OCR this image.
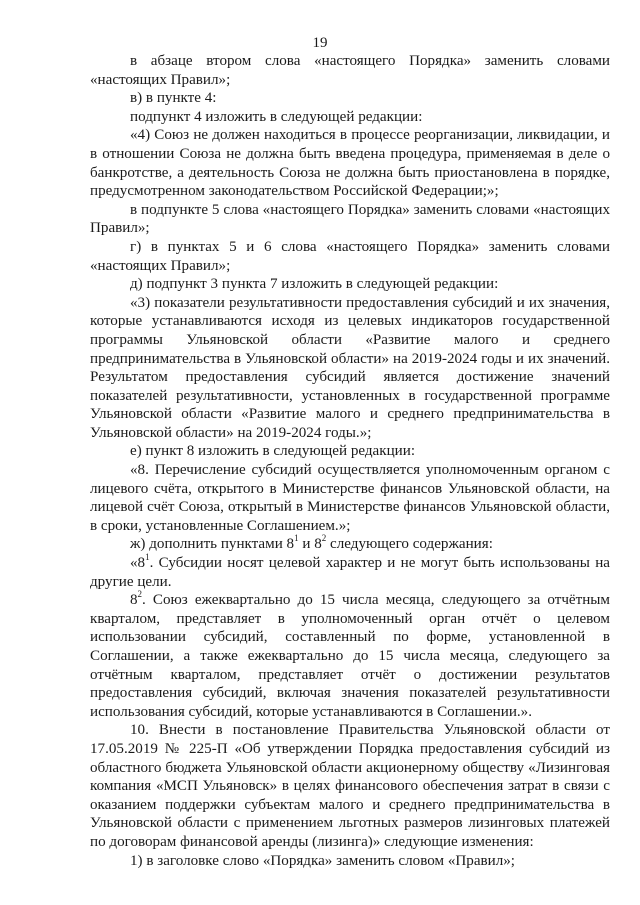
19

в абзаце втором слова «настоящего Порядка» заменить словами «настоящих Правил»;

в) в пункте 4:

подпункт 4 изложить в следующей редакции:

«4) Союз не должен находиться в процессе реорганизации, ликвидации, и в отношении Союза не должна быть введена процедура, применяемая в деле о банкротстве, а деятельность Союза не должна быть приостановлена в порядке, предусмотренном законодательством Российской Федерации;»;

в подпункте 5 слова «настоящего Порядка» заменить словами «настоящих Правил»;

г) в пунктах 5 и 6 слова «настоящего Порядка» заменить словами «настоящих Правил»;

д) подпункт 3 пункта 7 изложить в следующей редакции:

«3) показатели результативности предоставления субсидий и их значения, которые устанавливаются исходя из целевых индикаторов государственной программы Ульяновской области «Развитие малого и среднего предпринимательства в Ульяновской области» на 2019-2024 годы и их значений. Результатом предоставления субсидий является достижение значений показателей результативности, установленных в государственной программе Ульяновской области «Развитие малого и среднего предпринимательства в Ульяновской области» на 2019-2024 годы.»;

е) пункт 8 изложить в следующей редакции:

«8. Перечисление субсидий осуществляется уполномоченным органом с лицевого счёта, открытого в Министерстве финансов Ульяновской области, на лицевой счёт Союза, открытый в Министерстве финансов Ульяновской области, в сроки, установленные Соглашением.»;

ж) дополнить пунктами $8^1$ и $8^2$ следующего содержания:

«$8^1$. Субсидии носят целевой характер и не могут быть использованы на другие цели.

$8^2$. Союз ежеквартально до 15 числа месяца, следующего за отчётным кварталом, представляет в уполномоченный орган отчёт о целевом использовании субсидий, составленный по форме, установленной в Соглашении, а также ежеквартально до 15 числа месяца, следующего за отчётным кварталом, представляет отчёт о достижении результатов предоставления субсидий, включая значения показателей результативности использования субсидий, которые устанавливаются в Соглашении.».

10. Внести в постановление Правительства Ульяновской области от 17.05.2019 № 225-П «Об утверждении Порядка предоставления субсидий из областного бюджета Ульяновской области акционерному обществу «Лизинговая компания «МСП Ульяновск» в целях финансового обеспечения затрат в связи с оказанием поддержки субъектам малого и среднего предпринимательства в Ульяновской области с применением льготных размеров лизинговых платежей по договорам финансовой аренды (лизинга)» следующие изменения:

1) в заголовке слово «Порядка» заменить словом «Правил»;
